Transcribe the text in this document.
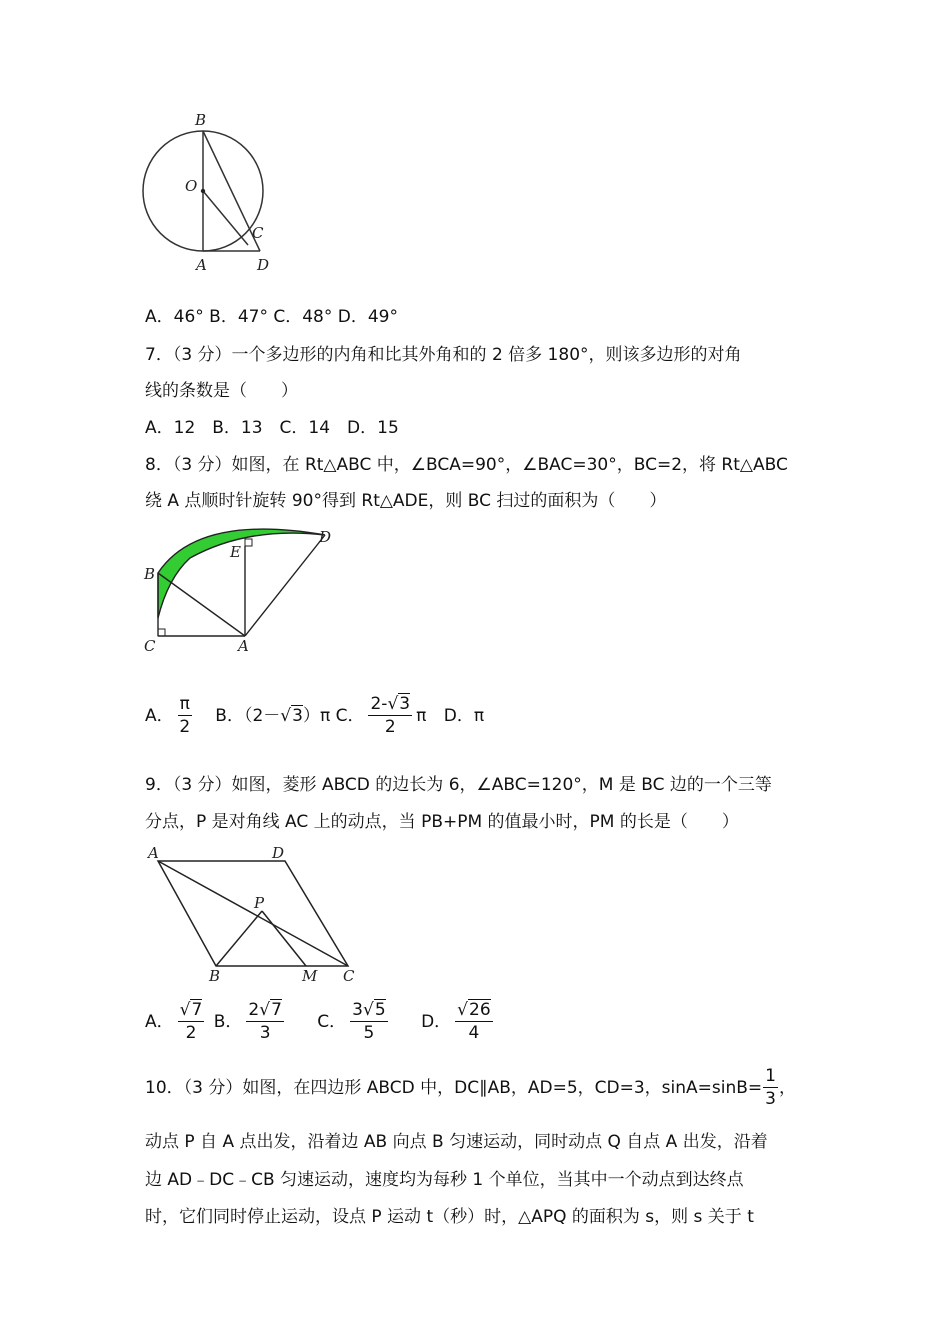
B
O
C
A	D
A．46° B．47° C．48° D．49°
7．（3 分）一个多边形的内角和比其外角和的 2 倍多 180°，则该多边形的对角
线的条数是（　　）
A．12　B．13　C．14　D．15
8．（3 分）如图，在 Rt△ABC 中，∠BCA=90°，∠BAC=30°，BC=2，将 Rt△ABC
绕 A 点顺时针旋转 90°得到 Rt△ADE，则 BC 扫过的面积为（　　）
D
E
B
C	A
A． $\frac{\pi}{2}$ B．（2－√3）π C． $\frac{2-√3}{2}$ π D．π
9．（3 分）如图，菱形 ABCD 的边长为 6，∠ABC=120°，M 是 BC 边的一个三等
分点，P 是对角线 AC 上的动点，当 PB+PM 的值最小时，PM 的长是（　　）
A	D
P
B	M C
A． $\frac{√7}{2}$ B． $\frac{2√7}{3}$ C． $\frac{3√5}{5}$ D． $\frac{√26}{4}$
10．（3 分）如图，在四边形 ABCD 中，DC∥AB，AD=5，CD=3，$\sin A=\sin B= \frac{1}{3}$ ，
动点 P 自 A 点出发，沿着边 AB 向点 B 匀速运动，同时动点 Q 自点 A 出发，沿着
边 AD﹣DC﹣CB 匀速运动，速度均为每秒 1 个单位，当其中一个动点到达终点
时，它们同时停止运动，设点 P 运动 t（秒）时，△APQ 的面积为 s，则 s 关于 t
